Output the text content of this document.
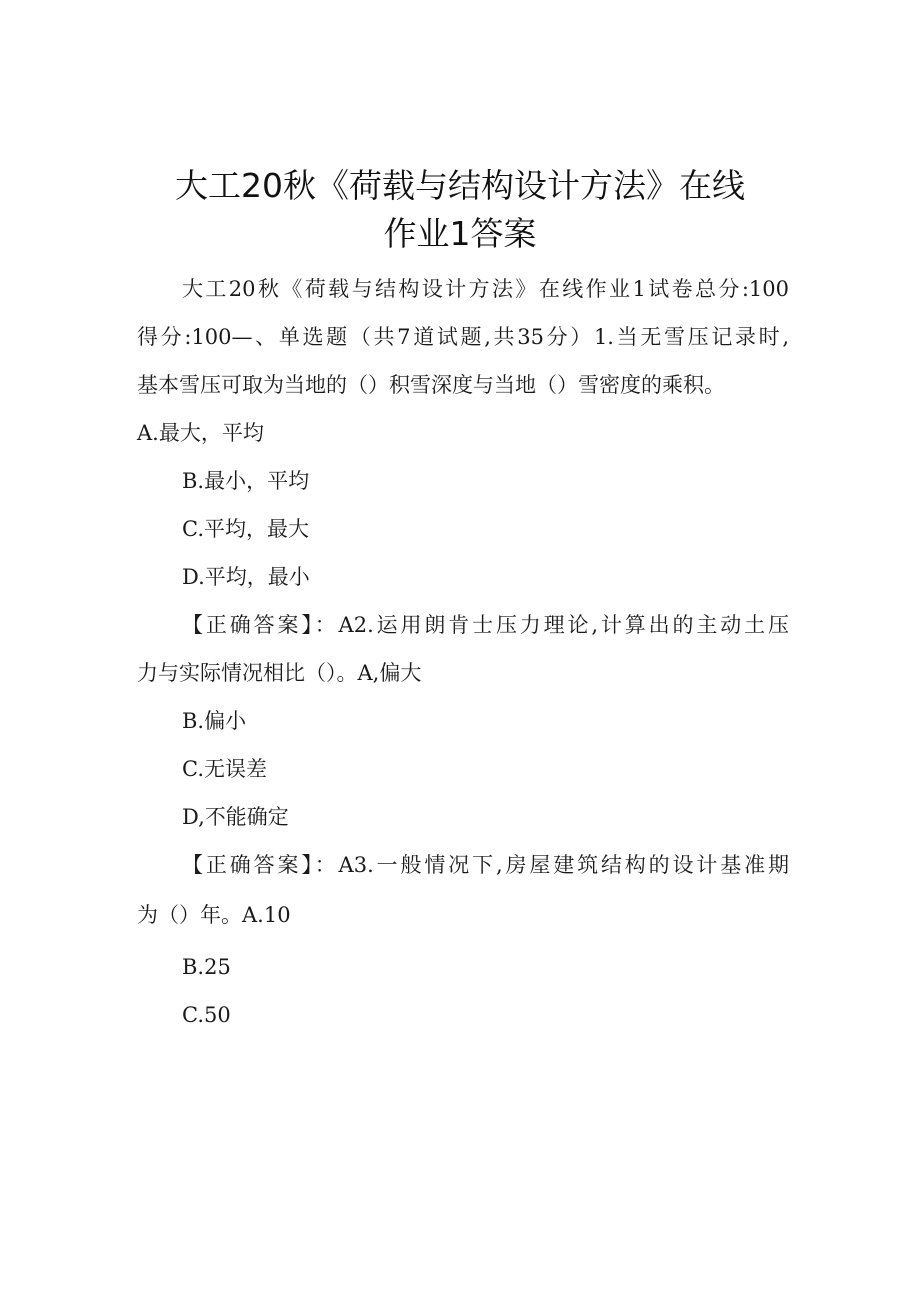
大工20秋《荷载与结构设计方法》在线
作业1答案
大工20秋《荷载与结构设计方法》在线作业1试卷总分:100
得分:100—、单选题（共7道试题,共35分）1.当无雪压记录时,
基本雪压可取为当地的（）积雪深度与当地（）雪密度的乘积。
A.最大，平均
B.最小，平均
C.平均，最大
D.平均，最小
【正确答案】：A2.运用朗肯士压力理论,计算出的主动土压
力与实际情况相比（）。A,偏大
B.偏小
C.无误差
D,不能确定
【正确答案】：A3.一般情况下,房屋建筑结构的设计基准期
为（）年。A.10
B.25
C.50
